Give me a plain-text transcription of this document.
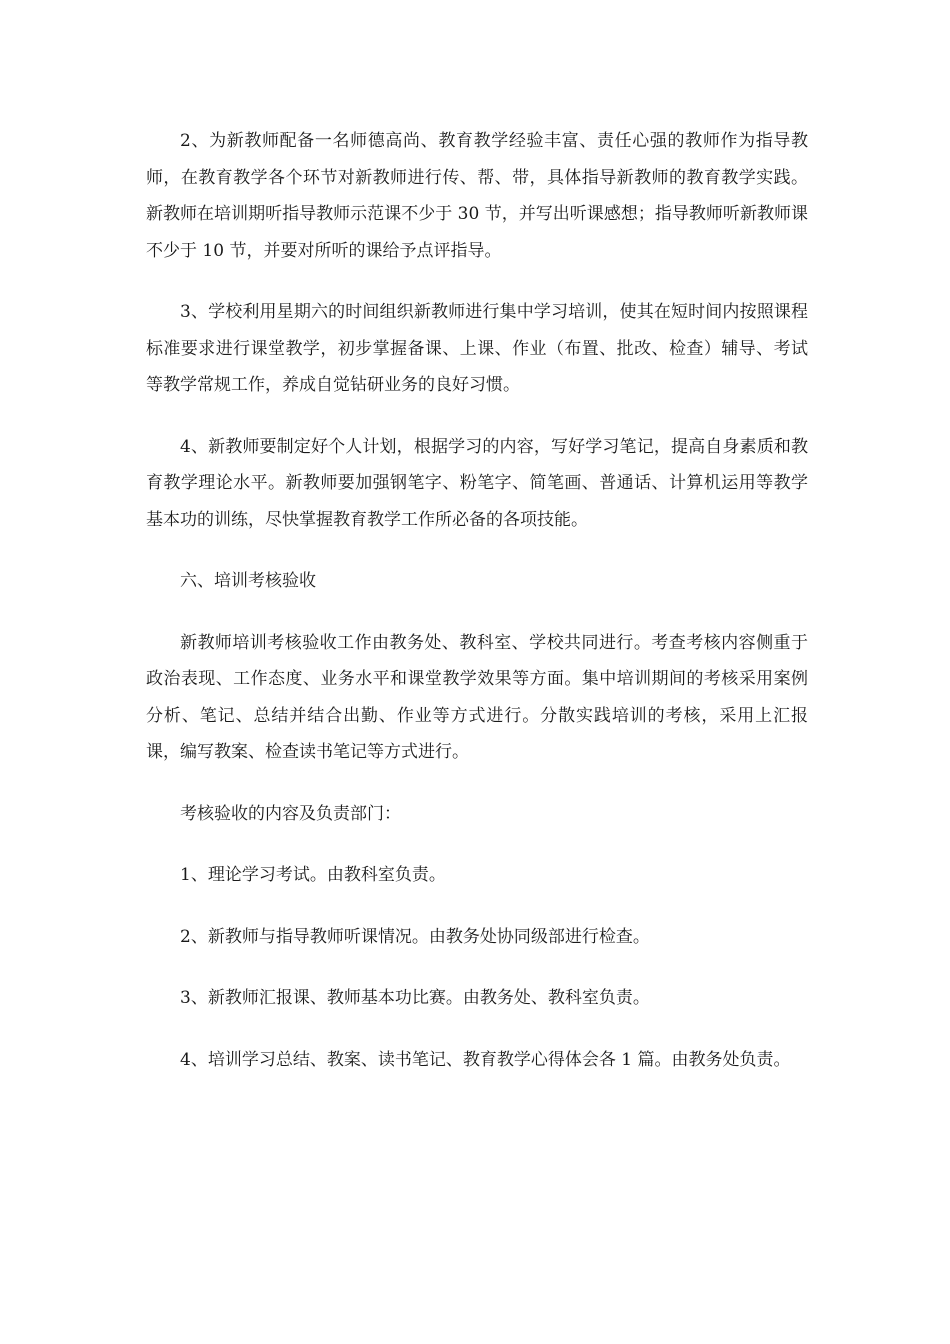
2、为新教师配备一名师德高尚、教育教学经验丰富、责任心强的教师作为指导教师，在教育教学各个环节对新教师进行传、帮、带，具体指导新教师的教育教学实践。新教师在培训期听指导教师示范课不少于 30 节，并写出听课感想；指导教师听新教师课不少于 10 节，并要对所听的课给予点评指导。

3、学校利用星期六的时间组织新教师进行集中学习培训，使其在短时间内按照课程标准要求进行课堂教学，初步掌握备课、上课、作业（布置、批改、检查）辅导、考试等教学常规工作，养成自觉钻研业务的良好习惯。

4、新教师要制定好个人计划，根据学习的内容，写好学习笔记，提高自身素质和教育教学理论水平。新教师要加强钢笔字、粉笔字、简笔画、普通话、计算机运用等教学基本功的训练，尽快掌握教育教学工作所必备的各项技能。

六、培训考核验收

新教师培训考核验收工作由教务处、教科室、学校共同进行。考查考核内容侧重于政治表现、工作态度、业务水平和课堂教学效果等方面。集中培训期间的考核采用案例分析、笔记、总结并结合出勤、作业等方式进行。分散实践培训的考核，采用上汇报课，编写教案、检查读书笔记等方式进行。

考核验收的内容及负责部门：

1、理论学习考试。由教科室负责。

2、新教师与指导教师听课情况。由教务处协同级部进行检查。

3、新教师汇报课、教师基本功比赛。由教务处、教科室负责。

4、培训学习总结、教案、读书笔记、教育教学心得体会各 1 篇。由教务处负责。
